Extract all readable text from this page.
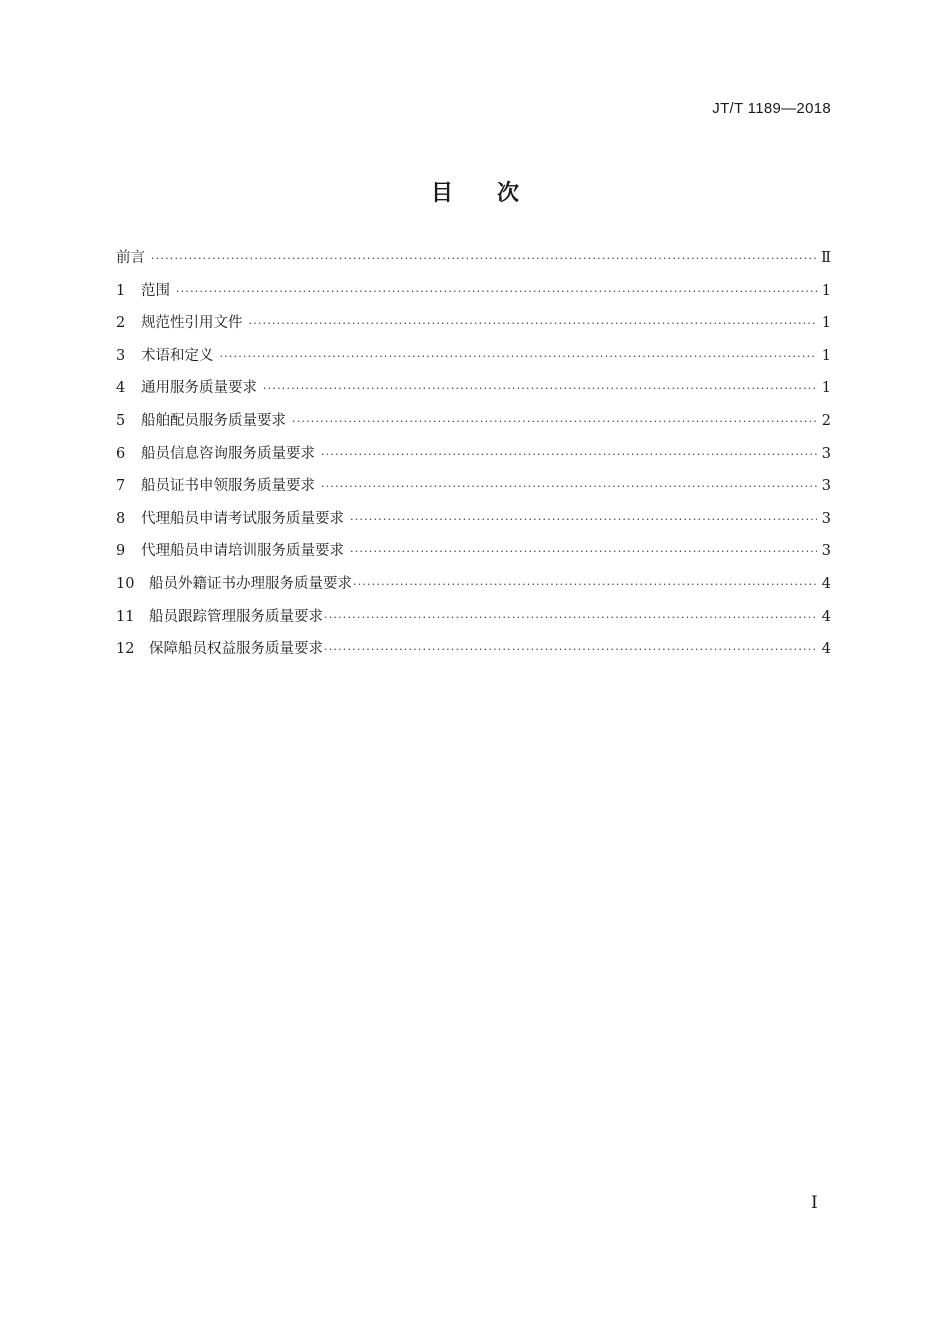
JT/T 1189—2018
目 次
前言 ·····	Ⅱ
1	范围 ·····	1
2	规范性引用文件 ·····	1
3	术语和定义 ·····	1
4	通用服务质量要求 ·····	1
5	船舶配员服务质量要求 ·····	2
6	船员信息咨询服务质量要求 ·····	3
7	船员证书申领服务质量要求 ·····	3
8	代理船员申请考试服务质量要求 ·····	3
9	代理船员申请培训服务质量要求 ·····	3
10	船员外籍证书办理服务质量要求 ·····	4
11	船员跟踪管理服务质量要求 ·····	4
12	保障船员权益服务质量要求 ·····	4
Ⅰ
